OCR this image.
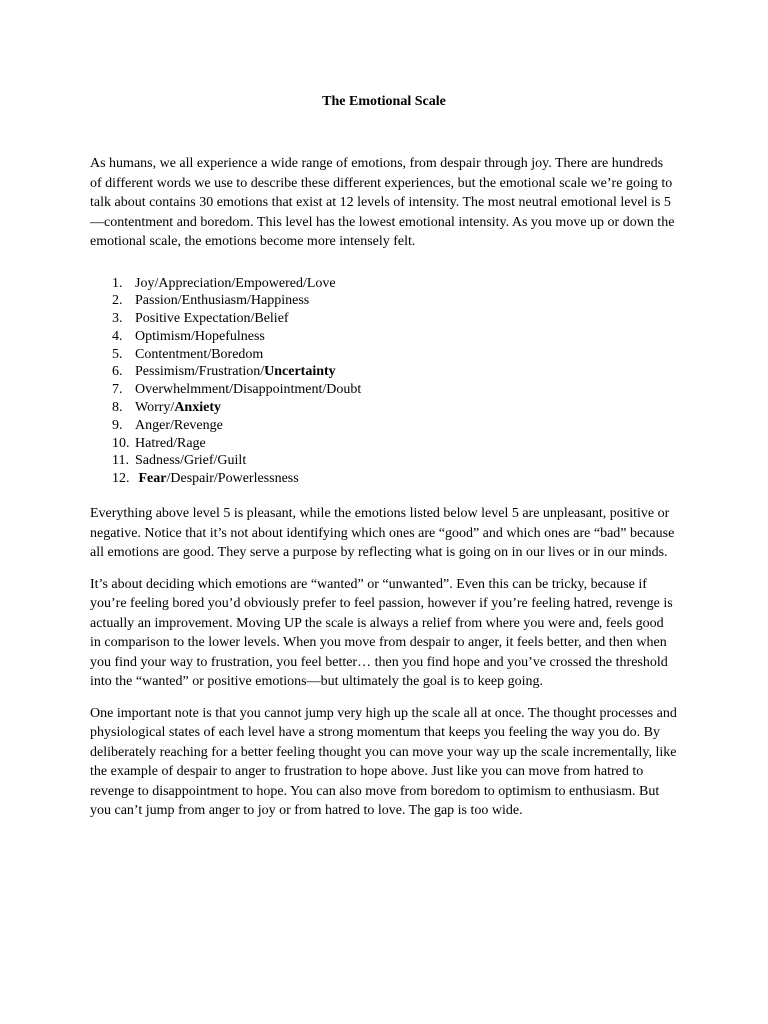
The Emotional Scale

As humans, we all experience a wide range of emotions, from despair through joy. There are hundreds of different words we use to describe these different experiences, but the emotional scale we’re going to talk about contains 30 emotions that exist at 12 levels of intensity. The most neutral emotional level is 5—contentment and boredom. This level has the lowest emotional intensity. As you move up or down the emotional scale, the emotions become more intensely felt.

1. Joy/Appreciation/Empowered/Love
2. Passion/Enthusiasm/Happiness
3. Positive Expectation/Belief
4. Optimism/Hopefulness
5. Contentment/Boredom
6. Pessimism/Frustration/Uncertainty
7. Overwhelmment/Disappointment/Doubt
8. Worry/Anxiety
9. Anger/Revenge
10. Hatred/Rage
11. Sadness/Grief/Guilt
12. Fear/Despair/Powerlessness

Everything above level 5 is pleasant, while the emotions listed below level 5 are unpleasant, positive or negative. Notice that it’s not about identifying which ones are “good” and which ones are “bad” because all emotions are good. They serve a purpose by reflecting what is going on in our lives or in our minds.

It’s about deciding which emotions are “wanted” or “unwanted”. Even this can be tricky, because if you’re feeling bored you’d obviously prefer to feel passion, however if you’re feeling hatred, revenge is actually an improvement. Moving UP the scale is always a relief from where you were and, feels good in comparison to the lower levels. When you move from despair to anger, it feels better, and then when you find your way to frustration, you feel better… then you find hope and you’ve crossed the threshold into the “wanted” or positive emotions—but ultimately the goal is to keep going.

One important note is that you cannot jump very high up the scale all at once. The thought processes and physiological states of each level have a strong momentum that keeps you feeling the way you do. By deliberately reaching for a better feeling thought you can move your way up the scale incrementally, like the example of despair to anger to frustration to hope above. Just like you can move from hatred to revenge to disappointment to hope. You can also move from boredom to optimism to enthusiasm. But you can’t jump from anger to joy or from hatred to love. The gap is too wide.
